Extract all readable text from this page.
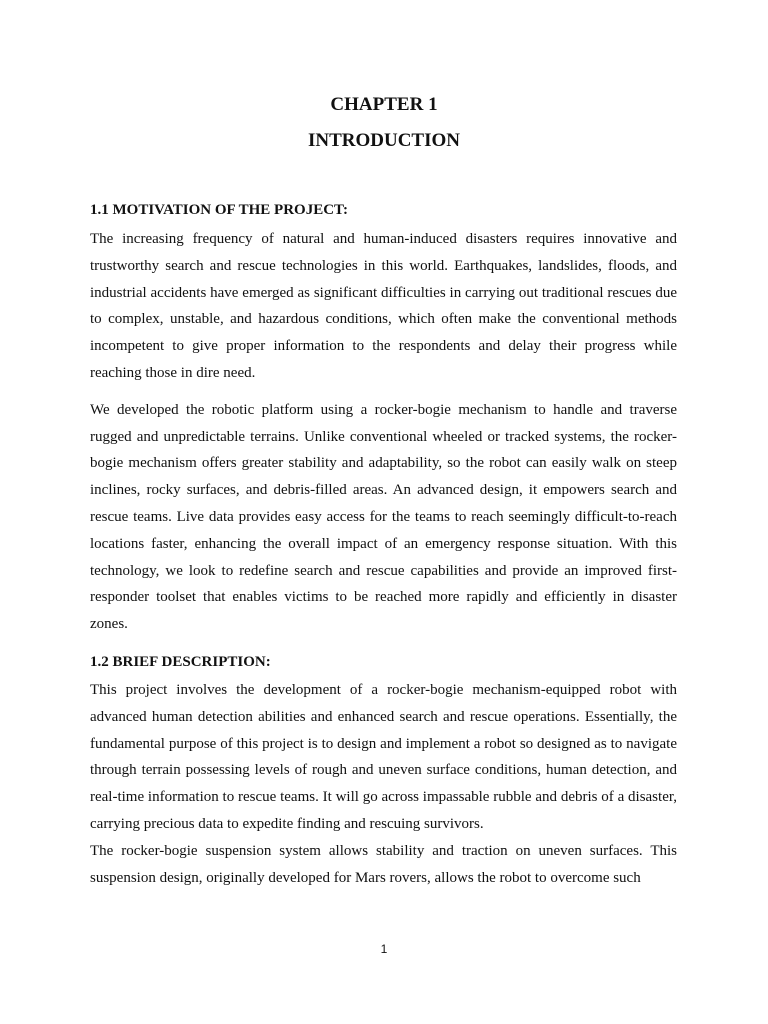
CHAPTER 1
INTRODUCTION
1.1 MOTIVATION OF THE PROJECT:

The increasing frequency of natural and human-induced disasters requires innovative and trustworthy search and rescue technologies in this world. Earthquakes, landslides, floods, and industrial accidents have emerged as significant difficulties in carrying out traditional rescues due to complex, unstable, and hazardous conditions, which often make the conventional methods incompetent to give proper information to the respondents and delay their progress while reaching those in dire need.

We developed the robotic platform using a rocker-bogie mechanism to handle and traverse rugged and unpredictable terrains. Unlike conventional wheeled or tracked systems, the rocker-bogie mechanism offers greater stability and adaptability, so the robot can easily walk on steep inclines, rocky surfaces, and debris-filled areas. An advanced design, it empowers search and rescue teams. Live data provides easy access for the teams to reach seemingly difficult-to-reach locations faster, enhancing the overall impact of an emergency response situation. With this technology, we look to redefine search and rescue capabilities and provide an improved first-responder toolset that enables victims to be reached more rapidly and efficiently in disaster zones.

1.2 BRIEF DESCRIPTION:

This project involves the development of a rocker-bogie mechanism-equipped robot with advanced human detection abilities and enhanced search and rescue operations. Essentially, the fundamental purpose of this project is to design and implement a robot so designed as to navigate through terrain possessing levels of rough and uneven surface conditions, human detection, and real-time information to rescue teams. It will go across impassable rubble and debris of a disaster, carrying precious data to expedite finding and rescuing survivors.

The rocker-bogie suspension system allows stability and traction on uneven surfaces. This suspension design, originally developed for Mars rovers, allows the robot to overcome such

1
